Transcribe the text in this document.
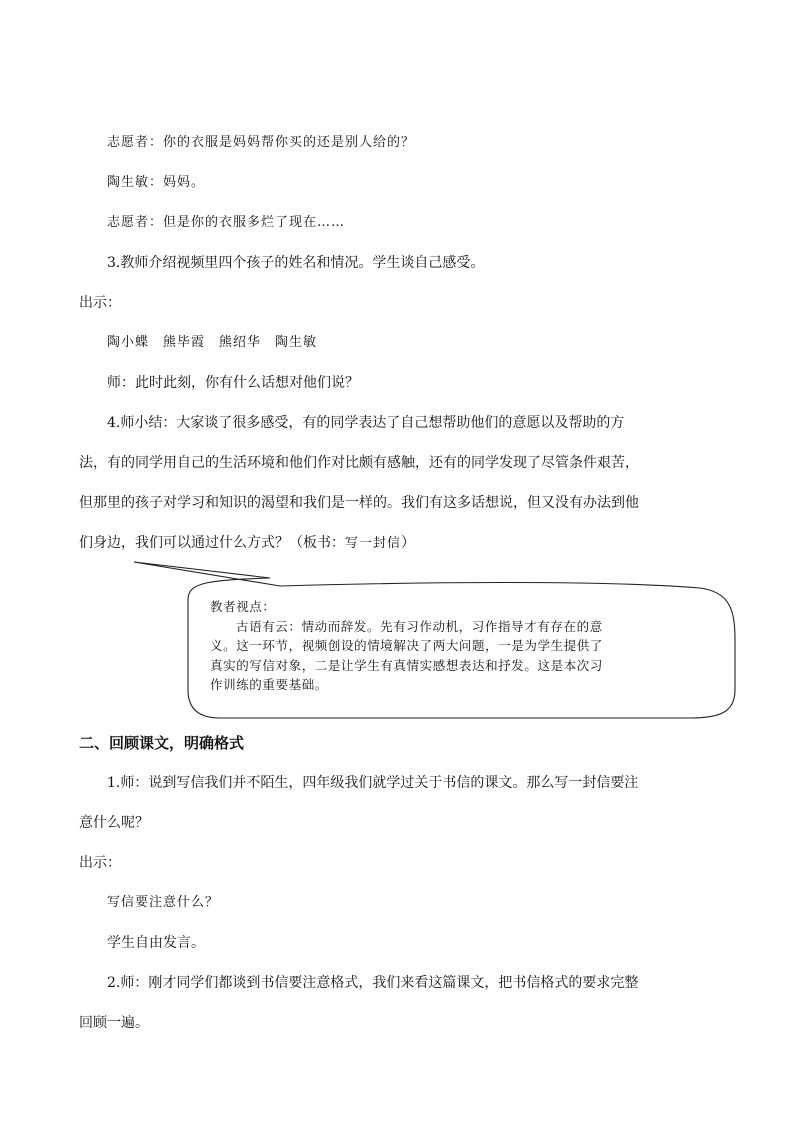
志愿者：你的衣服是妈妈帮你买的还是别人给的？
陶生敏：妈妈。
志愿者：但是你的衣服多烂了现在……
3.教师介绍视频里四个孩子的姓名和情况。学生谈自己感受。
出示：
陶小蝶 熊毕霞 熊绍华 陶生敏
师：此时此刻，你有什么话想对他们说？
4.师小结：大家谈了很多感受，有的同学表达了自己想帮助他们的意愿以及帮助的方
法，有的同学用自己的生活环境和他们作对比颇有感触，还有的同学发现了尽管条件艰苦，
但那里的孩子对学习和知识的渴望和我们是一样的。我们有这多话想说，但又没有办法到他
们身边，我们可以通过什么方式？（板书：写一封信）
教者视点：
古语有云：情动而辞发。先有习作动机，习作指导才有存在的意
义。这一环节，视频创设的情境解决了两大问题，一是为学生提供了
真实的写信对象，二是让学生有真情实感想表达和抒发。这是本次习
作训练的重要基础。
二、回顾课文，明确格式
1.师：说到写信我们并不陌生，四年级我们就学过关于书信的课文。那么写一封信要注
意什么呢？
出示：
写信要注意什么？
学生自由发言。
2.师：刚才同学们都谈到书信要注意格式，我们来看这篇课文，把书信格式的要求完整
回顾一遍。
